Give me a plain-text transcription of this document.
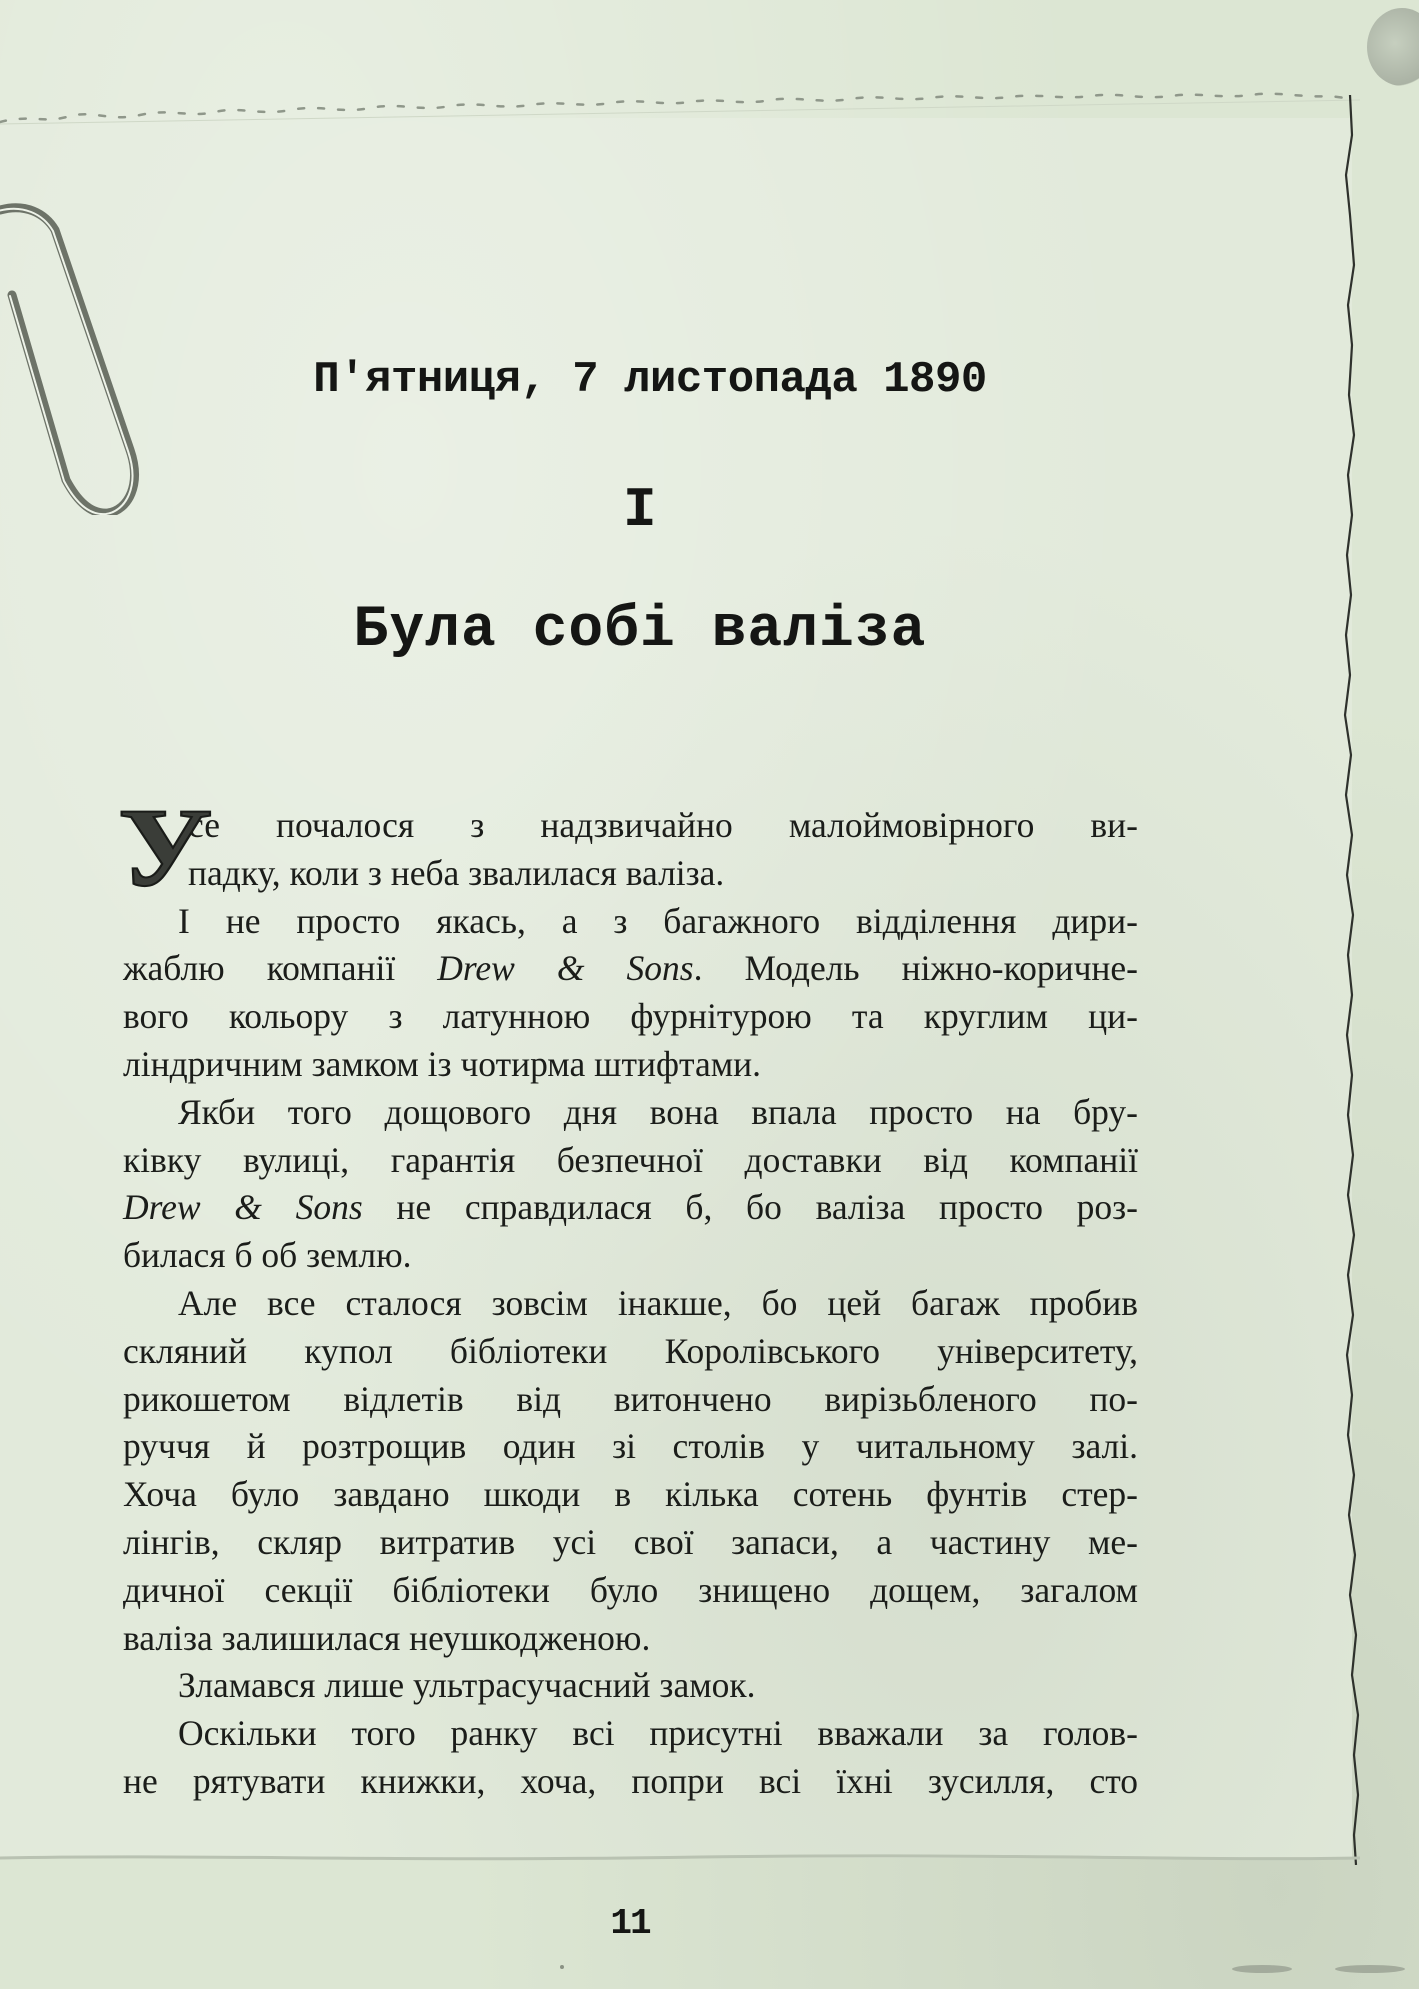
П'ятниця, 7 листопада 1890
I
Була собі валіза
У
се почалося з надзвичайно малоймовірного ви-
падку, коли з неба звалилася валіза.
І не просто якась, а з багажного відділення дири-
жаблю компанії Drew & Sons. Модель ніжно-коричне-
вого кольору з латунною фурнітурою та круглим ци-
ліндричним замком із чотирма штифтами.
Якби того дощового дня вона впала просто на бру-
ківку вулиці, гарантія безпечної доставки від компанії
Drew & Sons не справдилася б, бо валіза просто роз-
билася б об землю.
Але все сталося зовсім інакше, бо цей багаж пробив
скляний купол бібліотеки Королівського університету,
рикошетом відлетів від витончено вирізьбленого по-
руччя й розтрощив один зі столів у читальному залі.
Хоча було завдано шкоди в кілька сотень фунтів стер-
лінгів, скляр витратив усі свої запаси, а частину ме-
дичної секції бібліотеки було знищено дощем, загалом
валіза залишилася неушкодженою.
Зламався лише ультрасучасний замок.
Оскільки того ранку всі присутні вважали за голов-
не рятувати книжки, хоча, попри всі їхні зусилля, сто
11
